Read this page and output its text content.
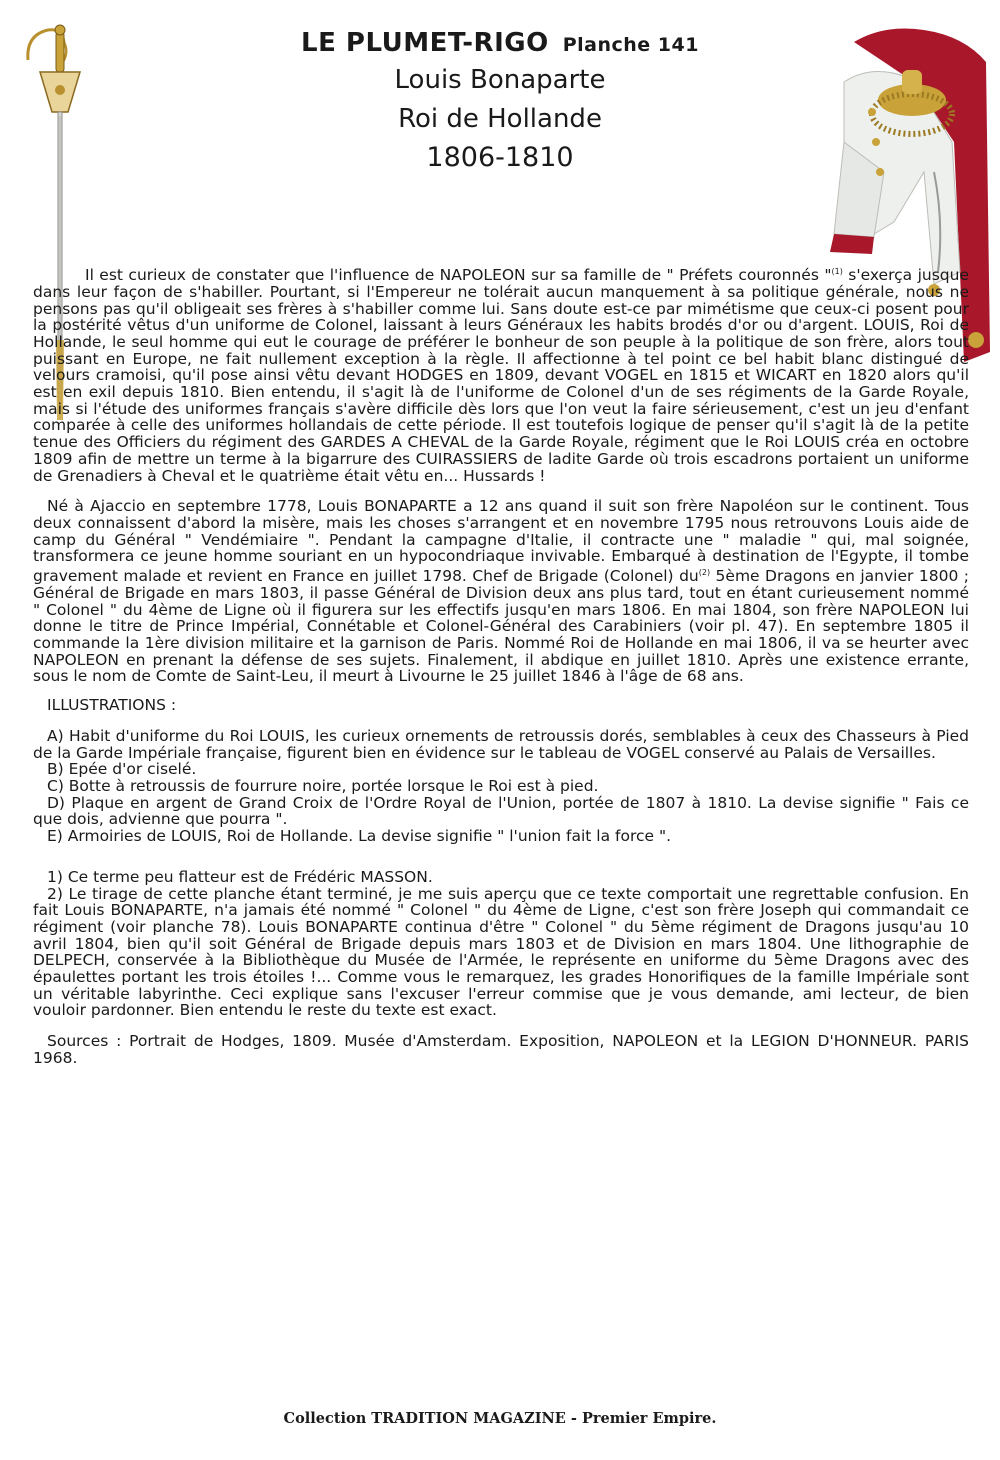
LE PLUMET-RIGO Planche 141
Louis Bonaparte
Roi de Hollande
1806-1810

Il est curieux de constater que l'influence de NAPOLEON sur sa famille de " Préfets couronnés "$^{(1)}$ s'exerça jusque dans leur façon de s'habiller. Pourtant, si l'Empereur ne tolérait aucun manquement à sa politique générale, nous ne pensons pas qu'il obligeait ses frères à s'habiller comme lui. Sans doute est-ce par mimétisme que ceux-ci posent pour la postérité vêtus d'un uniforme de Colonel, laissant à leurs Généraux les habits brodés d'or ou d'argent. LOUIS, Roi de Hollande, le seul homme qui eut le courage de préférer le bonheur de son peuple à la politique de son frère, alors tout puissant en Europe, ne fait nullement exception à la règle. Il affectionne à tel point ce bel habit blanc distingué de velours cramoisi, qu'il pose ainsi vêtu devant HODGES en 1809, devant VOGEL en 1815 et WICART en 1820 alors qu'il est en exil depuis 1810. Bien entendu, il s'agit là de l'uniforme de Colonel d'un de ses régiments de la Garde Royale, mais si l'étude des uniformes français s'avère difficile dès lors que l'on veut la faire sérieusement, c'est un jeu d'enfant comparée à celle des uniformes hollandais de cette période. Il est toutefois logique de penser qu'il s'agit là de la petite tenue des Officiers du régiment des GARDES A CHEVAL de la Garde Royale, régiment que le Roi LOUIS créa en octobre 1809 afin de mettre un terme à la bigarrure des CUIRASSIERS de ladite Garde où trois escadrons portaient un uniforme de Grenadiers à Cheval et le quatrième était vêtu en... Hussards !

Né à Ajaccio en septembre 1778, Louis BONAPARTE a 12 ans quand il suit son frère Napoléon sur le continent. Tous deux connaissent d'abord la misère, mais les choses s'arrangent et en novembre 1795 nous retrouvons Louis aide de camp du Général " Vendémiaire ". Pendant la campagne d'Italie, il contracte une " maladie " qui, mal soignée, transformera ce jeune homme souriant en un hypocondriaque invivable. Embarqué à destination de l'Egypte, il tombe gravement malade et revient en France en juillet 1798. Chef de Brigade (Colonel) $du^{(2)}$ 5ème Dragons en janvier 1800 ; Général de Brigade en mars 1803, il passe Général de Division deux ans plus tard, tout en étant curieusement nommé " Colonel " du 4ème de Ligne où il figurera sur les effectifs jusqu'en mars 1806. En mai 1804, son frère NAPOLEON lui donne le titre de Prince Impérial, Connétable et Colonel-Général des Carabiniers (voir pl. 47). En septembre 1805 il commande la 1ère division militaire et la garnison de Paris. Nommé Roi de Hollande en mai 1806, il va se heurter avec NAPOLEON en prenant la défense de ses sujets. Finalement, il abdique en juillet 1810. Après une existence errante, sous le nom de Comte de Saint-Leu, il meurt à Livourne le 25 juillet 1846 à l'âge de 68 ans.

ILLUSTRATIONS :
A) Habit d'uniforme du Roi LOUIS, les curieux ornements de retroussis dorés, semblables à ceux des Chasseurs à Pied de la Garde Impériale française, figurent bien en évidence sur le tableau de VOGEL conservé au Palais de Versailles.
B) Epée d'or ciselé.
C) Botte à retroussis de fourrure noire, portée lorsque le Roi est à pied.
D) Plaque en argent de Grand Croix de l'Ordre Royal de l'Union, portée de 1807 à 1810. La devise signifie " Fais ce que dois, advienne que pourra ".
E) Armoiries de LOUIS, Roi de Hollande. La devise signifie " l'union fait la force ".
1) Ce terme peu flatteur est de Frédéric MASSON.
2) Le tirage de cette planche étant terminé, je me suis aperçu que ce texte comportait une regrettable confusion. En fait Louis BONAPARTE, n'a jamais été nommé " Colonel " du 4ème de Ligne, c'est son frère Joseph qui commandait ce régiment (voir planche 78). Louis BONAPARTE continua d'être " Colonel " du 5ème régiment de Dragons jusqu'au 10 avril 1804, bien qu'il soit Général de Brigade depuis mars 1803 et de Division en mars 1804. Une lithographie de DELPECH, conservée à la Bibliothèque du Musée de l'Armée, le représente en uniforme du 5ème Dragons avec des épaulettes portant les trois étoiles !... Comme vous le remarquez, les grades Honorifiques de la famille Impériale sont un véritable labyrinthe. Ceci explique sans l'excuser l'erreur commise que je vous demande, ami lecteur, de bien vouloir pardonner. Bien entendu le reste du texte est exact.
Sources : Portrait de Hodges, 1809. Musée d'Amsterdam. Exposition, NAPOLEON et la LEGION D'HONNEUR. PARIS 1968.
Collection TRADITION MAGAZINE - Premier Empire.
